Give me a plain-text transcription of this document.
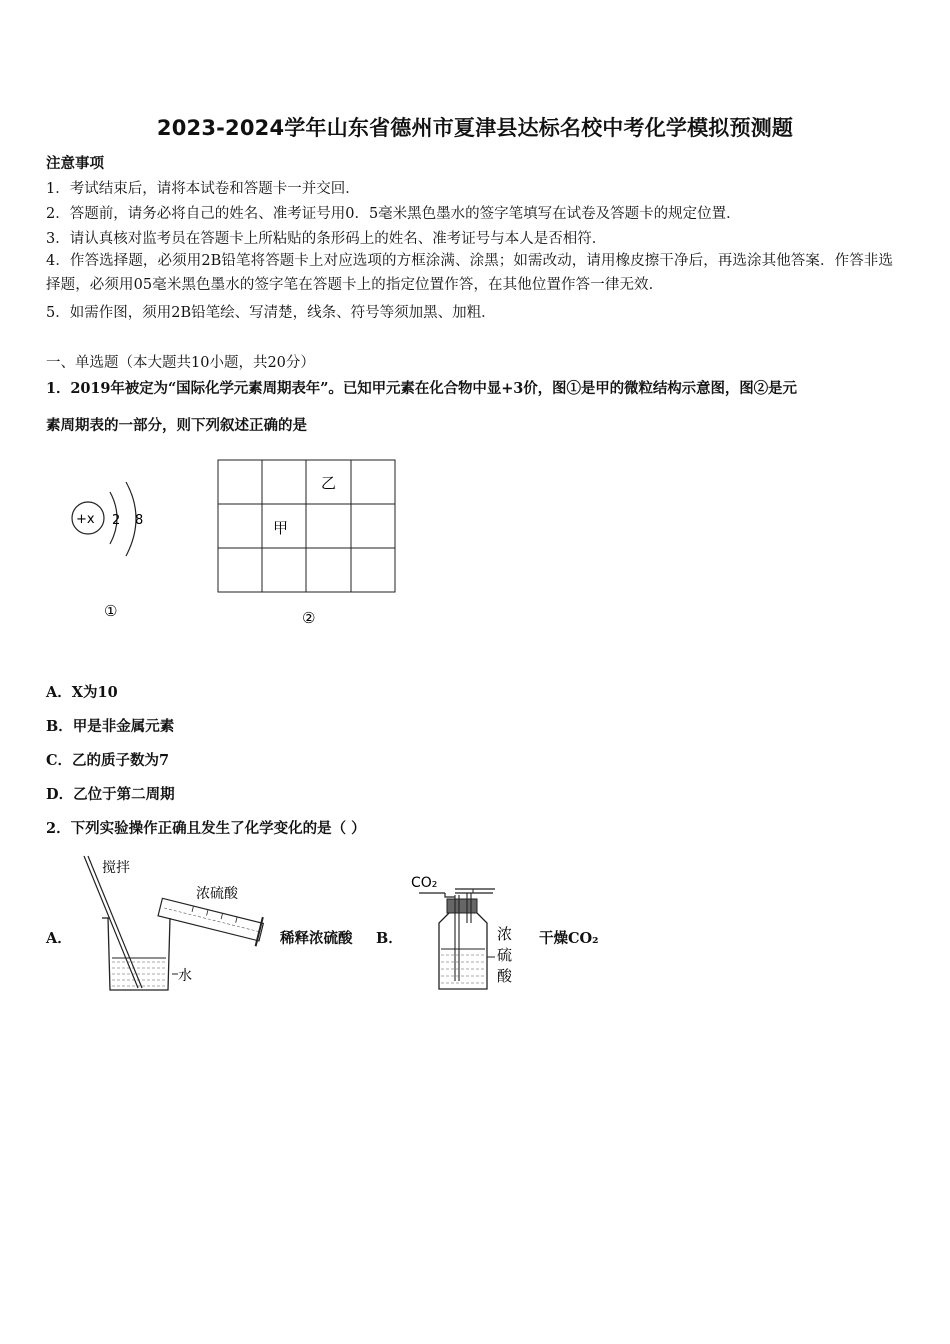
2023-2024学年山东省德州市夏津县达标名校中考化学模拟预测题
注意事项
1．考试结束后，请将本试卷和答题卡一并交回．
2．答题前，请务必将自己的姓名、准考证号用0．5毫米黑色墨水的签字笔填写在试卷及答题卡的规定位置．
3．请认真核对监考员在答题卡上所粘贴的条形码上的姓名、准考证号与本人是否相符．
4．作答选择题，必须用2B铅笔将答题卡上对应选项的方框涂满、涂黑；如需改动，请用橡皮擦干净后，再选涂其他答案．作答非选择题，必须用05毫米黑色墨水的签字笔在答题卡上的指定位置作答，在其他位置作答一律无效．
5．如需作图，须用2B铅笔绘、写清楚，线条、符号等须加黑、加粗．
一、单选题（本大题共10小题，共20分）
1．2019年被定为“国际化学元素周期表年”。已知甲元素在化合物中显+3价，图①是甲的微粒结构示意图，图②是元
素周期表的一部分，则下列叙述正确的是
+x 2 8
①
乙
甲
②
A．X为10
B．甲是非金属元素
C．乙的质子数为7
D．乙位于第二周期
2．下列实验操作正确且发生了化学变化的是（ ）
A．
搅拌
浓硫酸
水
稀释浓硫酸 B．
CO₂
浓
硫
酸
干燥CO₂
